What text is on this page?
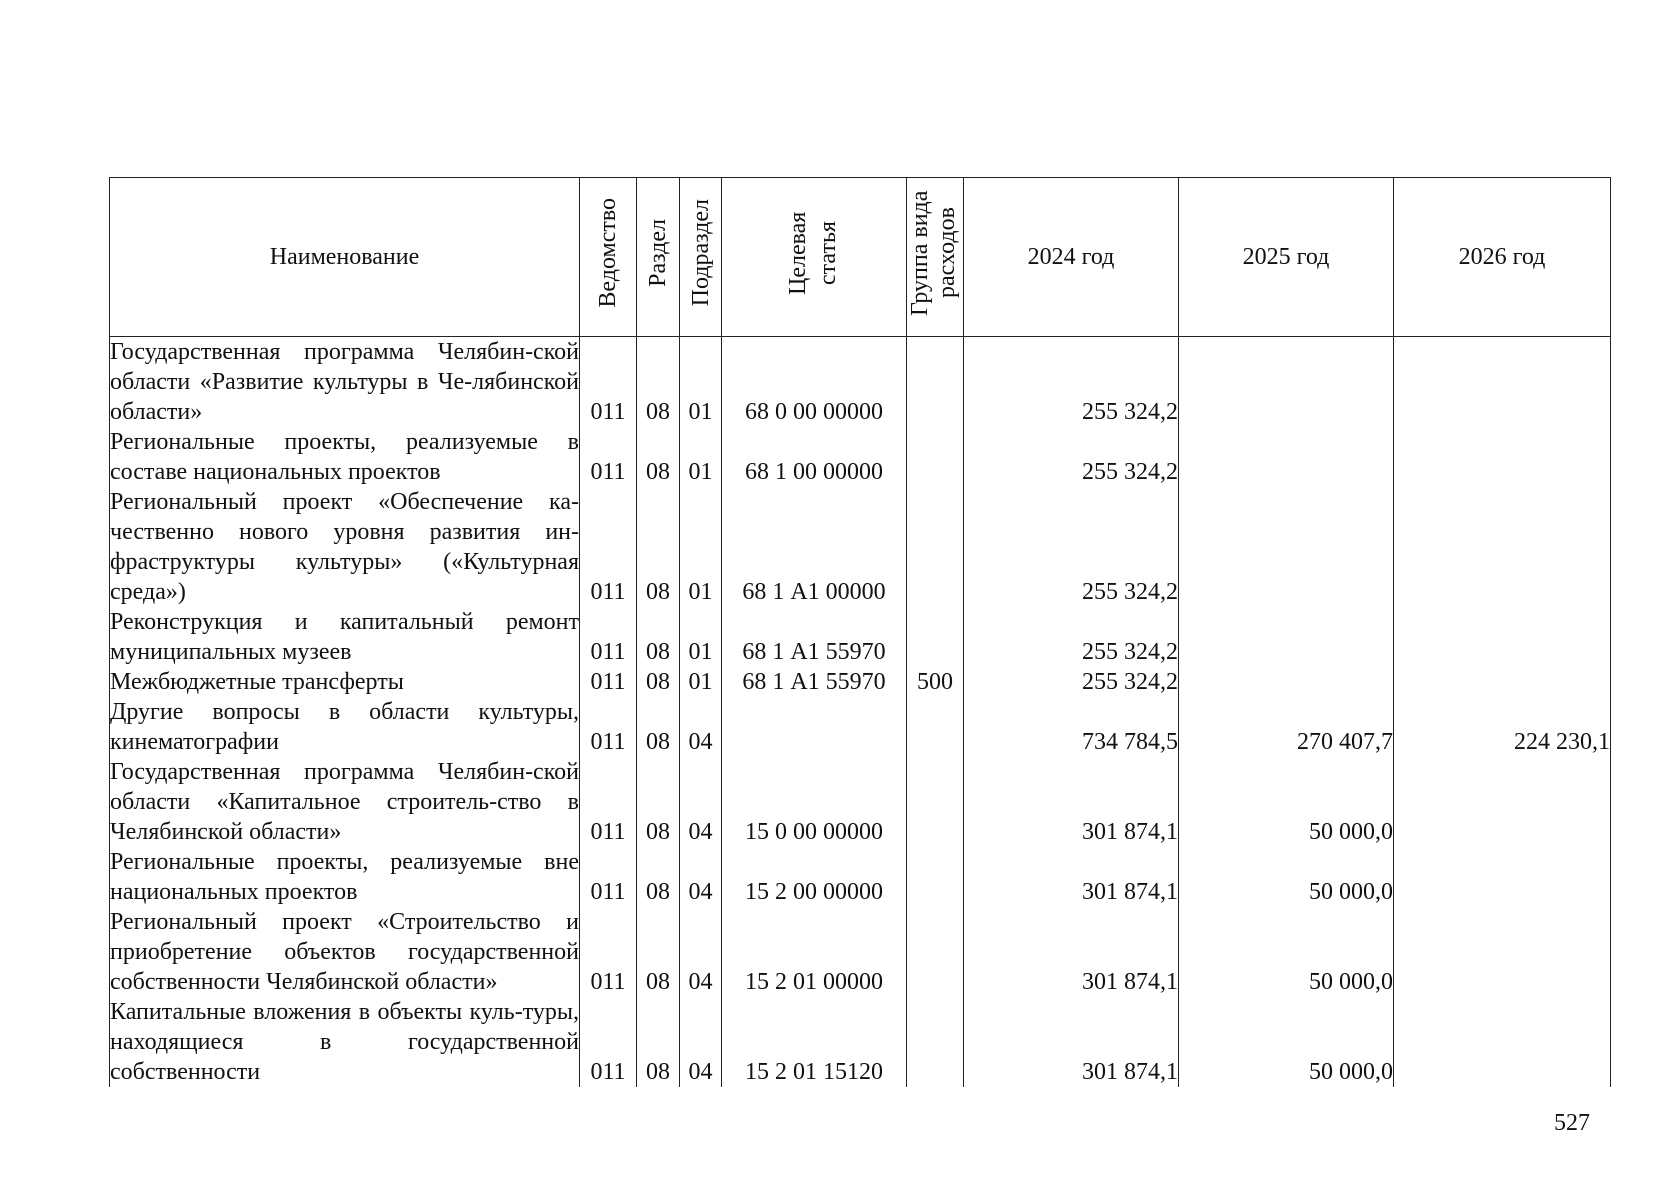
Наименование	Ведомство	Раздел	Подраздел	Целевая статья	Группа вида расходов	2024 год	2025 год	2026 год
Государственная программа Челябин-ской области «Развитие культуры в Че-лябинской области»	011	08	01	68 0 00 00000		255 324,2		
Региональные проекты, реализуемые в составе национальных проектов	011	08	01	68 1 00 00000		255 324,2		
Региональный проект «Обеспечение ка-чественно нового уровня развития ин-фраструктуры культуры» («Культурная среда»)	011	08	01	68 1 А1 00000		255 324,2		
Реконструкция и капитальный ремонт муниципальных музеев	011	08	01	68 1 А1 55970		255 324,2		
Межбюджетные трансферты	011	08	01	68 1 А1 55970	500	255 324,2		
Другие вопросы в области культуры, кинематографии	011	08	04			734 784,5	270 407,7	224 230,1
Государственная программа Челябин-ской области «Капитальное строитель-ство в Челябинской области»	011	08	04	15 0 00 00000		301 874,1	50 000,0	
Региональные проекты, реализуемые вне национальных проектов	011	08	04	15 2 00 00000		301 874,1	50 000,0	
Региональный проект «Строительство и приобретение объектов государственной собственности Челябинской области»	011	08	04	15 2 01 00000		301 874,1	50 000,0	
Капитальные вложения в объекты куль-туры, находящиеся в государственной собственности	011	08	04	15 2 01 15120		301 874,1	50 000,0	
527
